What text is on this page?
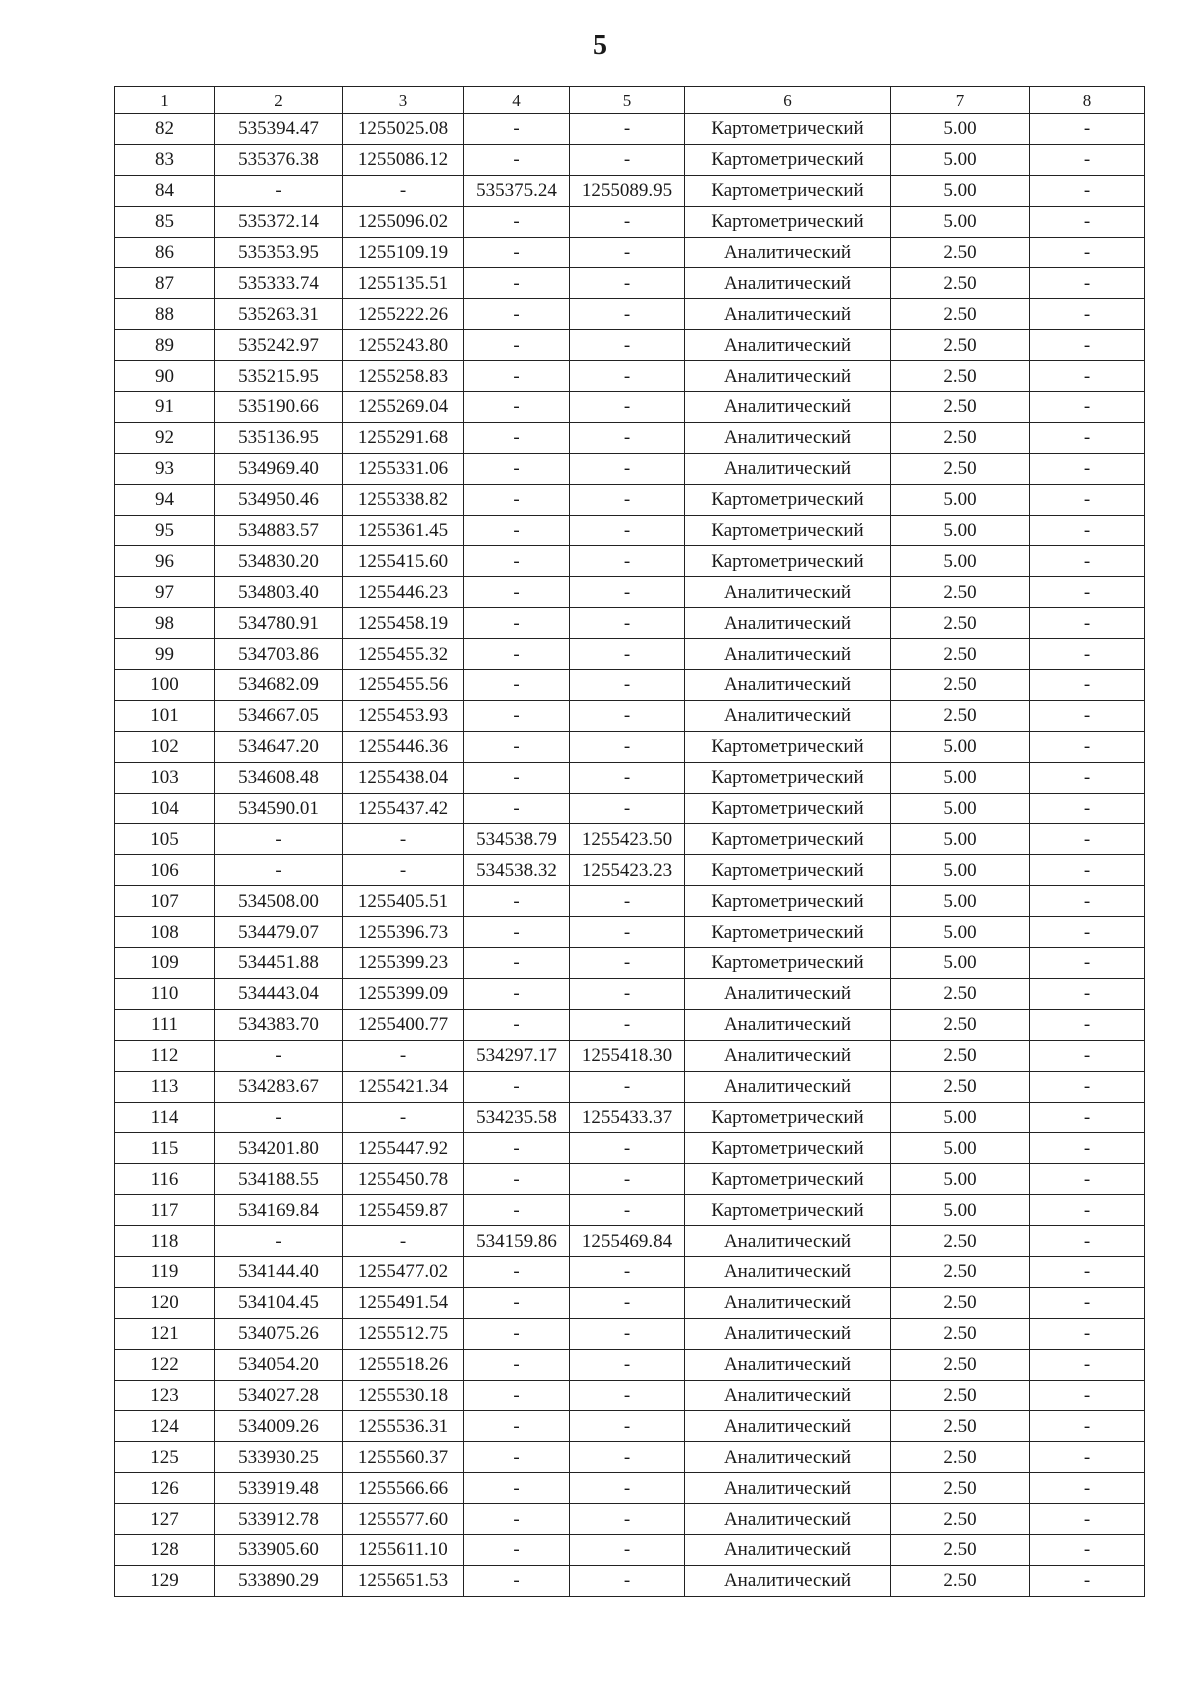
5
1	2	3	4	5	6	7	8
82	535394.47	1255025.08	-	-	Картометрический	5.00	-
83	535376.38	1255086.12	-	-	Картометрический	5.00	-
84	-	-	535375.24	1255089.95	Картометрический	5.00	-
85	535372.14	1255096.02	-	-	Картометрический	5.00	-
86	535353.95	1255109.19	-	-	Аналитический	2.50	-
87	535333.74	1255135.51	-	-	Аналитический	2.50	-
88	535263.31	1255222.26	-	-	Аналитический	2.50	-
89	535242.97	1255243.80	-	-	Аналитический	2.50	-
90	535215.95	1255258.83	-	-	Аналитический	2.50	-
91	535190.66	1255269.04	-	-	Аналитический	2.50	-
92	535136.95	1255291.68	-	-	Аналитический	2.50	-
93	534969.40	1255331.06	-	-	Аналитический	2.50	-
94	534950.46	1255338.82	-	-	Картометрический	5.00	-
95	534883.57	1255361.45	-	-	Картометрический	5.00	-
96	534830.20	1255415.60	-	-	Картометрический	5.00	-
97	534803.40	1255446.23	-	-	Аналитический	2.50	-
98	534780.91	1255458.19	-	-	Аналитический	2.50	-
99	534703.86	1255455.32	-	-	Аналитический	2.50	-
100	534682.09	1255455.56	-	-	Аналитический	2.50	-
101	534667.05	1255453.93	-	-	Аналитический	2.50	-
102	534647.20	1255446.36	-	-	Картометрический	5.00	-
103	534608.48	1255438.04	-	-	Картометрический	5.00	-
104	534590.01	1255437.42	-	-	Картометрический	5.00	-
105	-	-	534538.79	1255423.50	Картометрический	5.00	-
106	-	-	534538.32	1255423.23	Картометрический	5.00	-
107	534508.00	1255405.51	-	-	Картометрический	5.00	-
108	534479.07	1255396.73	-	-	Картометрический	5.00	-
109	534451.88	1255399.23	-	-	Картометрический	5.00	-
110	534443.04	1255399.09	-	-	Аналитический	2.50	-
111	534383.70	1255400.77	-	-	Аналитический	2.50	-
112	-	-	534297.17	1255418.30	Аналитический	2.50	-
113	534283.67	1255421.34	-	-	Аналитический	2.50	-
114	-	-	534235.58	1255433.37	Картометрический	5.00	-
115	534201.80	1255447.92	-	-	Картометрический	5.00	-
116	534188.55	1255450.78	-	-	Картометрический	5.00	-
117	534169.84	1255459.87	-	-	Картометрический	5.00	-
118	-	-	534159.86	1255469.84	Аналитический	2.50	-
119	534144.40	1255477.02	-	-	Аналитический	2.50	-
120	534104.45	1255491.54	-	-	Аналитический	2.50	-
121	534075.26	1255512.75	-	-	Аналитический	2.50	-
122	534054.20	1255518.26	-	-	Аналитический	2.50	-
123	534027.28	1255530.18	-	-	Аналитический	2.50	-
124	534009.26	1255536.31	-	-	Аналитический	2.50	-
125	533930.25	1255560.37	-	-	Аналитический	2.50	-
126	533919.48	1255566.66	-	-	Аналитический	2.50	-
127	533912.78	1255577.60	-	-	Аналитический	2.50	-
128	533905.60	1255611.10	-	-	Аналитический	2.50	-
129	533890.29	1255651.53	-	-	Аналитический	2.50	-
